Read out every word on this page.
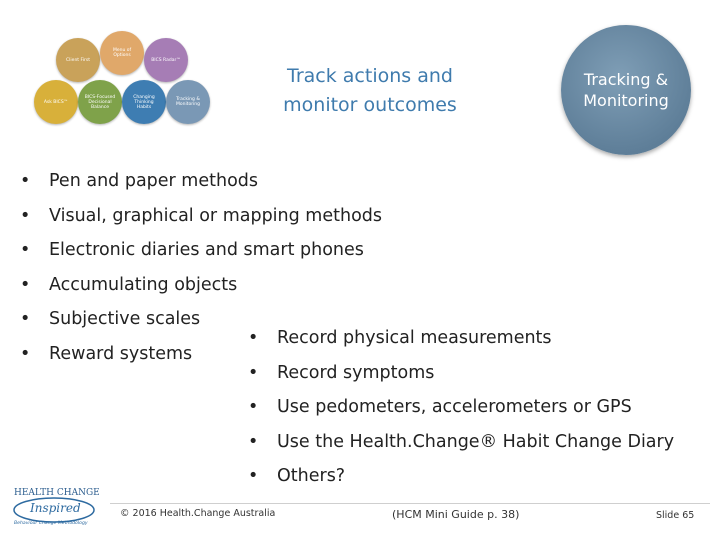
Client First
Menu of Options
BICS Radar™
Ask BICS™
BICS-Focused Decisional Balance
Changing Thinking Habits
Tracking & Monitoring
Track actions and
monitor outcomes
Tracking &
Monitoring
• Pen and paper methods
• Visual, graphical or mapping methods
• Electronic diaries and smart phones
• Accumulating objects
• Subjective scales
• Reward systems
• Record physical measurements
• Record symptoms
• Use pedometers, accelerometers or GPS
• Use the Health.Change® Habit Change Diary
• Others?
HEALTH CHANGE
Inspired
Behaviour Change Methodology
© 2016 Health.Change Australia	(HCM Mini Guide p. 38)	Slide 65
